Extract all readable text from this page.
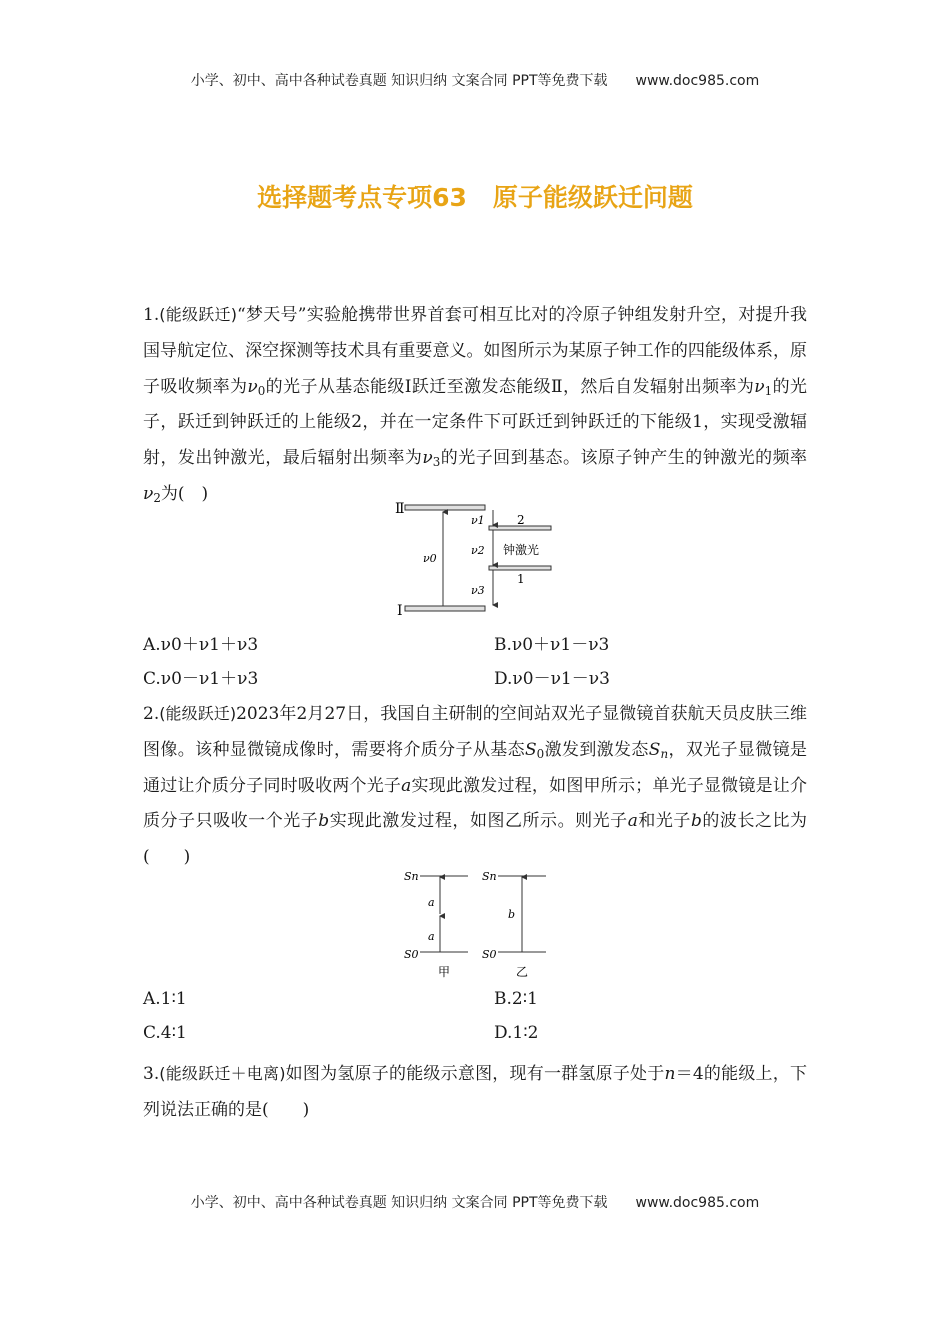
小学、初中、高中各种试卷真题 知识归纳 文案合同 PPT等免费下载 www.doc985.com
选择题考点专项63 原子能级跃迁问题
1.(能级跃迁)“梦天号”实验舱携带世界首套可相互比对的冷原子钟组发射升空，对提升我国导航定位、深空探测等技术具有重要意义。如图所示为某原子钟工作的四能级体系，原子吸收频率为$\nu_0$的光子从基态能级Ⅰ跃迁至激发态能级Ⅱ，然后自发辐射出频率为$\nu_1$的光子，跃迁到钟跃迁的上能级2，并在一定条件下可跃迁到钟跃迁的下能级1，实现受激辐射，发出钟激光，最后辐射出频率为$\nu_3$的光子回到基态。该原子钟产生的钟激光的频率$\nu_2$为(　)
Ⅱ
Ⅰ
2
1
ν0
ν1
ν2 钟激光
ν3
A.ν0＋ν1＋ν3	B.ν0＋ν1－ν3
C.ν0－ν1＋ν3	D.ν0－ν1－ν3
2.(能级跃迁)2023年2月27日，我国自主研制的空间站双光子显微镜首获航天员皮肤三维图像。该种显微镜成像时，需要将介质分子从基态$S_0$激发到激发态$S_n$，双光子显微镜是通过让介质分子同时吸收两个光子a实现此激发过程，如图甲所示；单光子显微镜是让介质分子只吸收一个光子b实现此激发过程，如图乙所示。则光子a和光子b的波长之比为(　　)
Sn
S0
a
a
甲
Sn
S0
b
乙
A.1∶1	B.2∶1
C.4∶1	D.1∶2
3.(能级跃迁＋电离)如图为氢原子的能级示意图，现有一群氢原子处于n＝4的能级上，下列说法正确的是(　　)
小学、初中、高中各种试卷真题 知识归纳 文案合同 PPT等免费下载 www.doc985.com
